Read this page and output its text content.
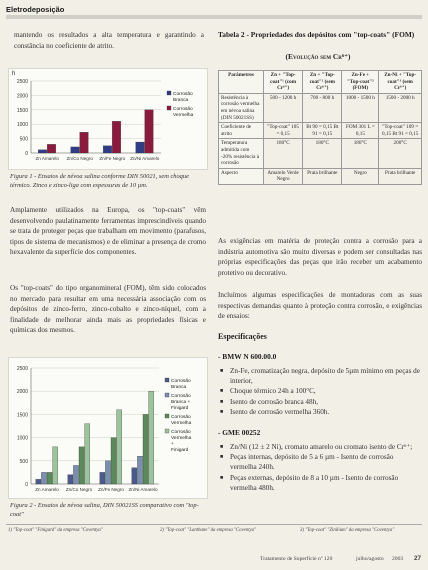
Eletrodeposição
mantendo os resultados a alta temperatura e garantindo a constância no coeficiente de atrito.
h
0
500
1000
1500
2000
2500
Zn Amarelo Zn/Co Negro Zn/Fe Negro Zn/Ni Amarelo
Corrosão
Branca
Corrosão
Vermelha
Figura 1 - Ensaios de névoa salina conforme DIN 50021, sem choque térmico. Zinco e zinco-liga com espessuras de 10 µm.
Amplamente utilizados na Europa, os "top-coats" vêm desenvolvendo paulatinamente ferramentas imprescindíveis quando se trata de proteger peças que trabalham em movimento (parafusos, tipos de sistema de mecanismos) e de eliminar a presença de cromo hexavalente da superfície dos componentes.
Os "top-coats" do tipo organomineral (FOM), têm sido colocados no mercado para resultar em uma necessária associação com os depósitos de zinco-ferro, zinco-cobalto e zinco-níquel, com a finalidade de melhorar ainda mais as propriedades físicas e químicas dos mesmos.
0
500
1000
1500
2000
2500
Zn Amarelo Zn/Co Negro Zn/Fe Negro Zn/Ni Amarelo
Corrosão
Branca
Corrosão
Branca +
Finigard
Corrosão
Vermelha
Corrosão
Vermelha
+
Finigard
Figura 2 - Ensaios de névoa salina, DIN 50021SS comparativo com "top-coat"
Tabela 2 - Propriedades dos depósitos com "top-coats" (FOM)
(Evolução sem Cr⁶⁺)
Parâmetros	Zn + "Top-coat"¹ (com Cr⁶⁺)	Zn + "Top-coat"¹ (sem Cr⁶⁺)	Zn-Fe + "Top-coat"² (FOM)	Zn-Ni + "Top-coat"³ (sem Cr⁶⁺)
Resistência à corrosão vermelha em névoa salina (DIN 50021SS)	500 - 1200 h	700 - 800 h	1000 - 1500 h	1500 - 2000 h
Coeficiente de atrito	"Top-coat" 105 = 0,15	Bt 90 = 0,15 Bt 91 = 0,15	FOM 301 L = 0,15	"Top-coat" 109 = 0,15 Bt 91 = 0,15
Temperatura admitida com -20% resistência à corrosão	180°C	180°C	180°C	200°C
Aspecto	Amarelo Verde Negro	Prata brilhante	Negro	Prata brilhante
As exigências em matéria de proteção contra a corrosão para a indústria automotiva são muito diversas e podem ser consultadas nas próprias especificações das peças que irão receber um acabamento protetivo ou decorativo.
Incluímos algumas especificações de montadoras com as suas respectivas demandas quanto à proteção contra corrosão, e exigências de ensaios:
Especificações
- BMW N 600.00.0
■ Zn-Fe, cromatização negra, depósito de 5µm mínimo em peças de interior,
■ Choque térmico 24h a 100°C,
■ Isento de corrosão branca 48h,
■ Isento de corrosão vermelha 360h.
- GME 00252
■ Zn/Ni (12 ± 2 Ni), cromato amarelo ou cromato isento de Cr⁶⁺;
■ Peças internas, depósito de 5 a 6 µm - Isento de corrosão vermelha 240h.
■ Peças externas, depósito de 8 a 10 µm - Isento de corrosão vermelha 480h.
1) "Top-coat" "Finigard" da empresa "Coventya"	2) "Top-coat" "Lanthane" da empresa "Coventya"	3) "Top-coat" "Zinilium" da empresa "Coventya"
Tratamento de Superfície nº 120	julho/agosto 2003 27
